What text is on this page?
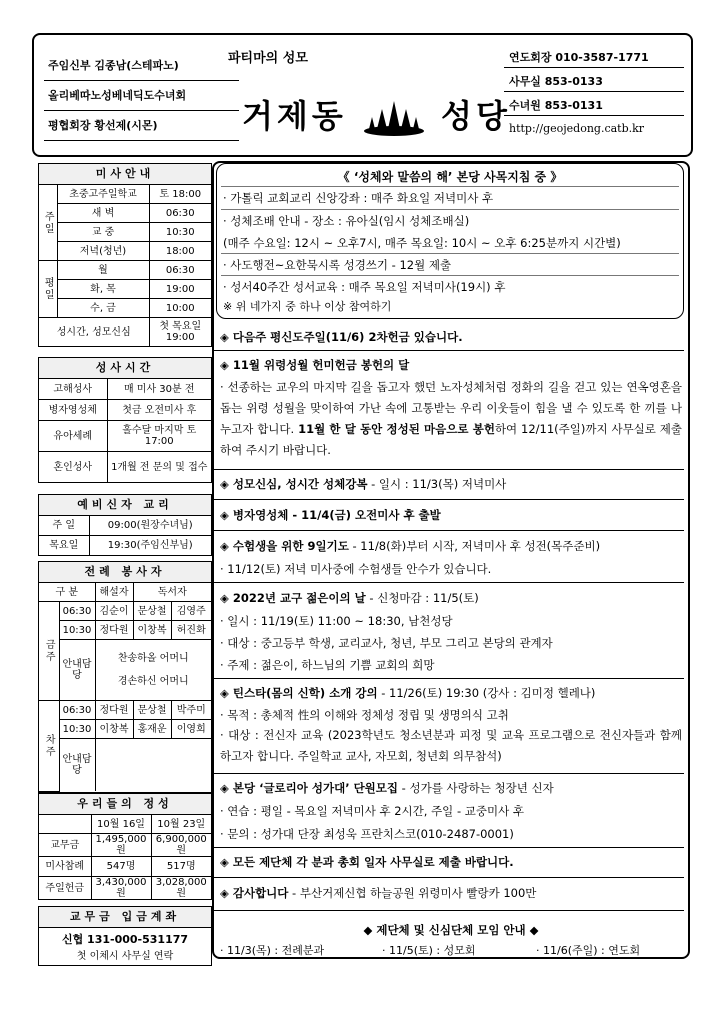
주임신부 김종남(스테파노)
올리베따노성베네딕도수녀회
평협회장 황선제(시몬)
파티마의 성모
거제동	성당
연도회장 010-3587-1771
사무실 853-0133
수녀원 853-0131
http://geojedong.catb.kr
미사안내
주일	초중고주일학교	토 18:00
	새 벽	06:30
	교 중	10:30
	저녁(청년)	18:00
평일	월	06:30
	화, 목	19:00
	수, 금	10:00
성시간, 성모신심		첫 목요일 19:00
성사시간
고해성사	매 미사 30분 전
병자영성체	첫금 오전미사 후
유아세례	홀수달 마지막 토 17:00
혼인성사	1개월 전 문의 및 접수
예비신자 교리
주 일	09:00(원장수녀님)
목요일	19:30(주임신부님)
전례 봉사자
구 분		해설자	독서자	
금주	06:30	김순이	문상철	김영주
	10:30	정다원	이창복	허진화
	안내담당	찬송하올 어머니
경손하신 어머니		

차주	06:30	정다원	문상철	박주미
	10:30	이창복	홍재운	이영희
	안내담당			
우리들의 정성
	10월 16일	10월 23일
교무금	1,495,000원	6,900,000원
미사참례	547명	517명
주일헌금	3,430,000원	3,028,000원
교무금 입금계좌
신협 131-000-531177
첫 이체시 사무실 연락
《 ‘성체와 말씀의 해’ 본당 사목지침 중 》
· 가톨릭 교회교리 신앙강좌 : 매주 화요일 저녁미사 후
· 성체조배 안내 - 장소 : 유아실(임시 성체조배실)
(매주 수요일: 12시 ~ 오후7시, 매주 목요일: 10시 ~ 오후 6:25분까지 시간별)
· 사도행전~요한묵시록 성경쓰기 - 12월 제출
· 성서40주간 성서교육 : 매주 목요일 저녁미사(19시) 후
※ 위 네가지 중 하나 이상 참여하기
◈ 다음주 평신도주일(11/6) 2차헌금 있습니다.
◈ 11월 위령성월 헌미헌금 봉헌의 달
· 선종하는 교우의 마지막 길을 돕고자 했던 노자성체처럼 정화의 길을 걷고 있는 연옥영혼을 돕는 위령 성월을 맞이하여 가난 속에 고통받는 우리 이웃들이 힘을 낼 수 있도록 한 끼를 나누고자 합니다. 11월 한 달 동안 정성된 마음으로 봉헌하여 12/11(주일)까지 사무실로 제출하여 주시기 바랍니다.
◈ 성모신심, 성시간 성체강복 - 일시 : 11/3(목) 저녁미사
◈ 병자영성체 - 11/4(금) 오전미사 후 출발
◈ 수험생을 위한 9일기도 - 11/8(화)부터 시작, 저녁미사 후 성전(목주준비)
· 11/12(토) 저녁 미사중에 수험생들 안수가 있습니다.
◈ 2022년 교구 젊은이의 날 - 신청마감 : 11/5(토)
· 일시 : 11/19(토) 11:00 ~ 18:30, 남천성당
· 대상 : 중고등부 학생, 교리교사, 청년, 부모 그리고 본당의 관계자
· 주제 : 젊은이, 하느님의 기쁨 교회의 희망
◈ 틴스타(몸의 신학) 소개 강의 - 11/26(토) 19:30 (강사 : 김미정 헬레나)
· 목적 : 총체적 性의 이해와 정체성 정립 및 생명의식 고취
· 대상 : 전신자 교육 (2023학년도 청소년분과 피정 및 교육 프로그램으로 전신자들과 함께 하고자 합니다. 주일학교 교사, 자모회, 청년회 의무참석)
◈ 본당 ‘글로리아 성가대’ 단원모집 - 성가를 사랑하는 청장년 신자
· 연습 : 평일 - 목요일 저녁미사 후 2시간, 주일 - 교중미사 후
· 문의 : 성가대 단장 최성욱 프란치스코(010-2487-0001)
◈ 모든 제단체 각 분과 총회 일자 사무실로 제출 바랍니다.
◈ 감사합니다 - 부산거제신협 하늘공원 위령미사 빨랑카 100만
◆ 제단체 및 신심단체 모임 안내 ◆
· 11/3(목) : 전례분과	· 11/5(토) : 성모회	· 11/6(주일) : 연도회
